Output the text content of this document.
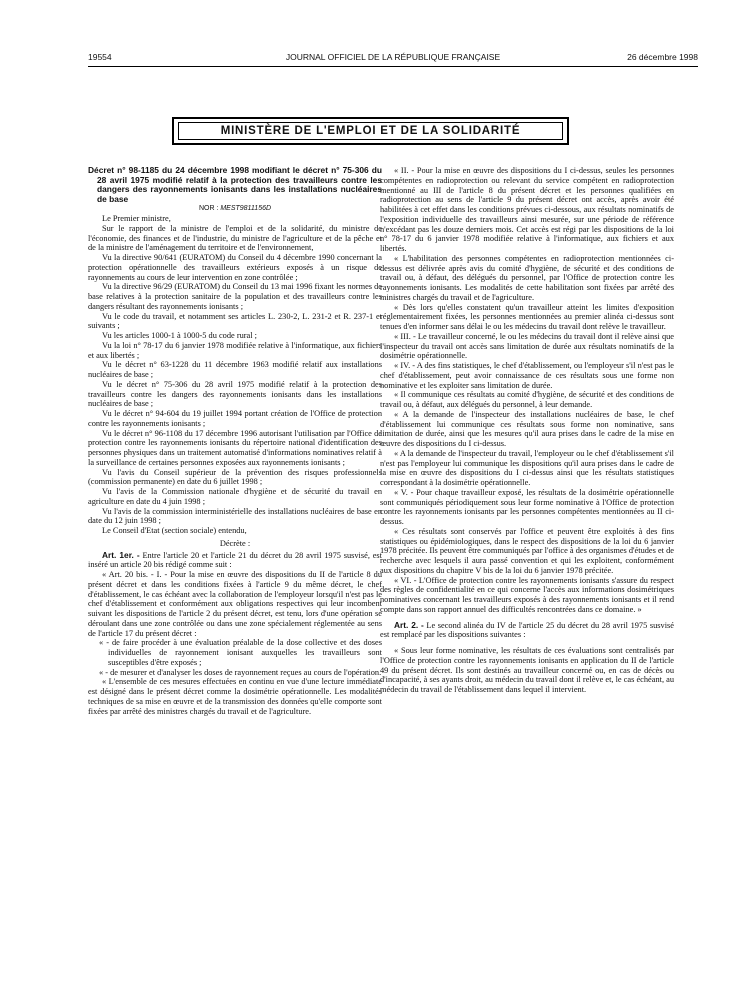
19554	JOURNAL OFFICIEL DE LA RÉPUBLIQUE FRANÇAISE	26 décembre 1998
MINISTÈRE DE L'EMPLOI ET DE LA SOLIDARITÉ

Décret n° 98-1185 du 24 décembre 1998 modifiant le décret n° 75-306 du 28 avril 1975 modifié relatif à la protection des travailleurs contre les dangers des rayonnements ionisants dans les installations nucléaires de base

NOR : MEST9811156D

Le Premier ministre,

Sur le rapport de la ministre de l'emploi et de la solidarité, du ministre de l'économie, des finances et de l'industrie, du ministre de l'agriculture et de la pêche et de la ministre de l'aménagement du territoire et de l'environnement,

Vu la directive 90/641 (EURATOM) du Conseil du 4 décembre 1990 concernant la protection opérationnelle des travailleurs extérieurs exposés à un risque de rayonnements au cours de leur intervention en zone contrôlée ;

Vu la directive 96/29 (EURATOM) du Conseil du 13 mai 1996 fixant les normes de base relatives à la protection sanitaire de la population et des travailleurs contre les dangers résultant des rayonnements ionisants ;

Vu le code du travail, et notamment ses articles L. 230-2, L. 231-2 et R. 237-1 et suivants ;

Vu les articles 1000-1 à 1000-5 du code rural ;

Vu la loi n° 78-17 du 6 janvier 1978 modifiée relative à l'informatique, aux fichiers et aux libertés ;

Vu le décret n° 63-1228 du 11 décembre 1963 modifié relatif aux installations nucléaires de base ;

Vu le décret n° 75-306 du 28 avril 1975 modifié relatif à la protection des travailleurs contre les dangers des rayonnements ionisants dans les installations nucléaires de base ;

Vu le décret n° 94-604 du 19 juillet 1994 portant création de l'Office de protection contre les rayonnements ionisants ;

Vu le décret n° 96-1108 du 17 décembre 1996 autorisant l'utilisation par l'Office de protection contre les rayonnements ionisants du répertoire national d'identification des personnes physiques dans un traitement automatisé d'informations nominatives relatif à la surveillance de certaines personnes exposées aux rayonnements ionisants ;

Vu l'avis du Conseil supérieur de la prévention des risques professionnels (commission permanente) en date du 6 juillet 1998 ;

Vu l'avis de la Commission nationale d'hygiène et de sécurité du travail en agriculture en date du 4 juin 1998 ;

Vu l'avis de la commission interministérielle des installations nucléaires de base en date du 12 juin 1998 ;

Le Conseil d'Etat (section sociale) entendu,

Décrète :

Art. 1er. - Entre l'article 20 et l'article 21 du décret du 28 avril 1975 susvisé, est inséré un article 20 bis rédigé comme suit :

« Art. 20 bis. - I. - Pour la mise en œuvre des dispositions du II de l'article 8 du présent décret et dans les conditions fixées à l'article 9 du même décret, le chef d'établissement, le cas échéant avec la collaboration de l'employeur lorsqu'il n'est pas le chef d'établissement et conformément aux obligations respectives qui leur incombent suivant les dispositions de l'article 2 du présent décret, est tenu, lors d'une opération se déroulant dans une zone contrôlée ou dans une zone spécialement réglementée au sens de l'article 17 du présent décret :

« - de faire procéder à une évaluation préalable de la dose collective et des doses individuelles de rayonnement ionisant auxquelles les travailleurs sont susceptibles d'être exposés ;

« - de mesurer et d'analyser les doses de rayonnement reçues au cours de l'opération.

« L'ensemble de ces mesures effectuées en continu en vue d'une lecture immédiate est désigné dans le présent décret comme la dosimétrie opérationnelle. Les modalités techniques de sa mise en œuvre et de la transmission des données qu'elle comporte sont fixées par arrêté des ministres chargés du travail et de l'agriculture.

« II. - Pour la mise en œuvre des dispositions du I ci-dessus, seules les personnes compétentes en radioprotection ou relevant du service compétent en radioprotection mentionné au III de l'article 8 du présent décret et les personnes qualifiées en radioprotection au sens de l'article 9 du présent décret ont accès, après avoir été habilitées à cet effet dans les conditions prévues ci-dessous, aux résultats nominatifs de l'exposition individuelle des travailleurs ainsi mesurée, sur une période de référence n'excédant pas les douze derniers mois. Cet accès est régi par les dispositions de la loi n° 78-17 du 6 janvier 1978 modifiée relative à l'informatique, aux fichiers et aux libertés.

« L'habilitation des personnes compétentes en radioprotection mentionnées ci-dessus est délivrée après avis du comité d'hygiène, de sécurité et des conditions de travail ou, à défaut, des délégués du personnel, par l'Office de protection contre les rayonnements ionisants. Les modalités de cette habilitation sont fixées par arrêté des ministres chargés du travail et de l'agriculture.

« Dès lors qu'elles constatent qu'un travailleur atteint les limites d'exposition réglementairement fixées, les personnes mentionnées au premier alinéa ci-dessus sont tenues d'en informer sans délai le ou les médecins du travail dont relève le travailleur.

« III. - Le travailleur concerné, le ou les médecins du travail dont il relève ainsi que l'inspecteur du travail ont accès sans limitation de durée aux résultats nominatifs de la dosimétrie opérationnelle.

« IV. - A des fins statistiques, le chef d'établissement, ou l'employeur s'il n'est pas le chef d'établissement, peut avoir connaissance de ces résultats sous une forme non nominative et les exploiter sans limitation de durée.

« Il communique ces résultats au comité d'hygiène, de sécurité et des conditions de travail ou, à défaut, aux délégués du personnel, à leur demande.

« A la demande de l'inspecteur des installations nucléaires de base, le chef d'établissement lui communique ces résultats sous forme non nominative, sans limitation de durée, ainsi que les mesures qu'il aura prises dans le cadre de la mise en œuvre des dispositions du I ci-dessus.

« A la demande de l'inspecteur du travail, l'employeur ou le chef d'établissement s'il n'est pas l'employeur lui communique les dispositions qu'il aura prises dans le cadre de la mise en œuvre des dispositions du I ci-dessus ainsi que les résultats statistiques correspondant à la dosimétrie opérationnelle.

« V. - Pour chaque travailleur exposé, les résultats de la dosimétrie opérationnelle sont communiqués périodiquement sous leur forme nominative à l'Office de protection contre les rayonnements ionisants par les personnes compétentes mentionnées au II ci-dessus.

« Ces résultats sont conservés par l'office et peuvent être exploités à des fins statistiques ou épidémiologiques, dans le respect des dispositions de la loi du 6 janvier 1978 précitée. Ils peuvent être communiqués par l'office à des organismes d'études et de recherche avec lesquels il aura passé convention et qui les exploitent, conformément aux dispositions du chapitre V bis de la loi du 6 janvier 1978 précitée.

« VI. - L'Office de protection contre les rayonnements ionisants s'assure du respect des règles de confidentialité en ce qui concerne l'accès aux informations dosimétriques nominatives concernant les travailleurs exposés à des rayonnements ionisants et il rend compte dans son rapport annuel des difficultés rencontrées dans ce domaine. »

Art. 2. - Le second alinéa du IV de l'article 25 du décret du 28 avril 1975 susvisé est remplacé par les dispositions suivantes :

« Sous leur forme nominative, les résultats de ces évaluations sont centralisés par l'Office de protection contre les rayonnements ionisants en application du II de l'article 49 du présent décret. Ils sont destinés au travailleur concerné ou, en cas de décès ou d'incapacité, à ses ayants droit, au médecin du travail dont il relève et, le cas échéant, au médecin du travail de l'établissement dans lequel il intervient.
